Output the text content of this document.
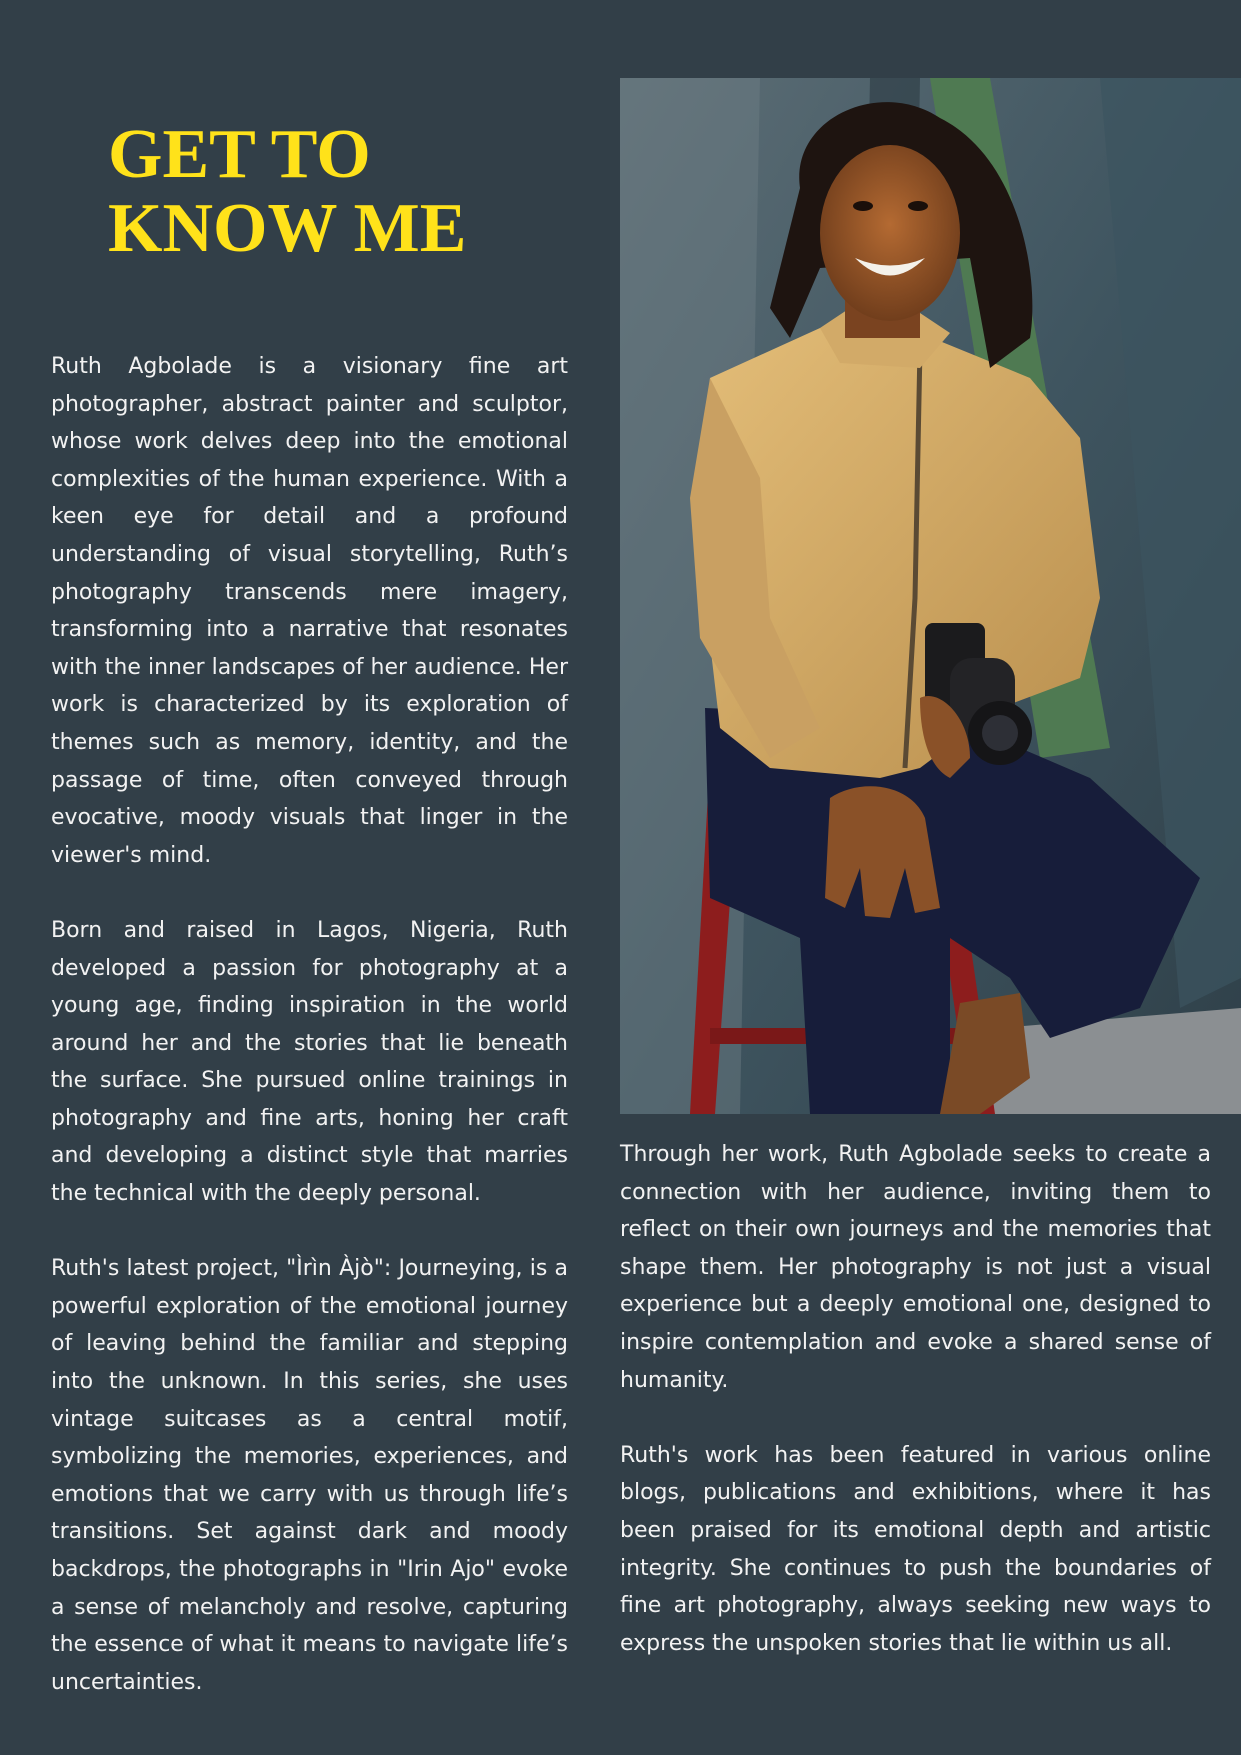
GET TO
KNOW ME

Ruth Agbolade is a visionary fine art photographer, abstract painter and sculptor, whose work delves deep into the emotional complexities of the human experience. With a keen eye for detail and a profound understanding of visual storytelling, Ruth’s photography transcends mere imagery, transforming into a narrative that resonates with the inner landscapes of her audience. Her work is characterized by its exploration of themes such as memory, identity, and the passage of time, often conveyed through evocative, moody visuals that linger in the viewer's mind.

Born and raised in Lagos, Nigeria, Ruth developed a passion for photography at a young age, finding inspiration in the world around her and the stories that lie beneath the surface. She pursued online trainings in photography and fine arts, honing her craft and developing a distinct style that marries the technical with the deeply personal.

Ruth's latest project, "Ìrìn Àjò": Journeying, is a powerful exploration of the emotional journey of leaving behind the familiar and stepping into the unknown. In this series, she uses vintage suitcases as a central motif, symbolizing the memories, experiences, and emotions that we carry with us through life’s transitions. Set against dark and moody backdrops, the photographs in "Irin Ajo" evoke a sense of melancholy and resolve, capturing the essence of what it means to navigate life’s uncertainties.

Through her work, Ruth Agbolade seeks to create a connection with her audience, inviting them to reflect on their own journeys and the memories that shape them. Her photography is not just a visual experience but a deeply emotional one, designed to inspire contemplation and evoke a shared sense of humanity.

Ruth's work has been featured in various online blogs, publications and exhibitions, where it has been praised for its emotional depth and artistic integrity. She continues to push the boundaries of fine art photography, always seeking new ways to express the unspoken stories that lie within us all.
